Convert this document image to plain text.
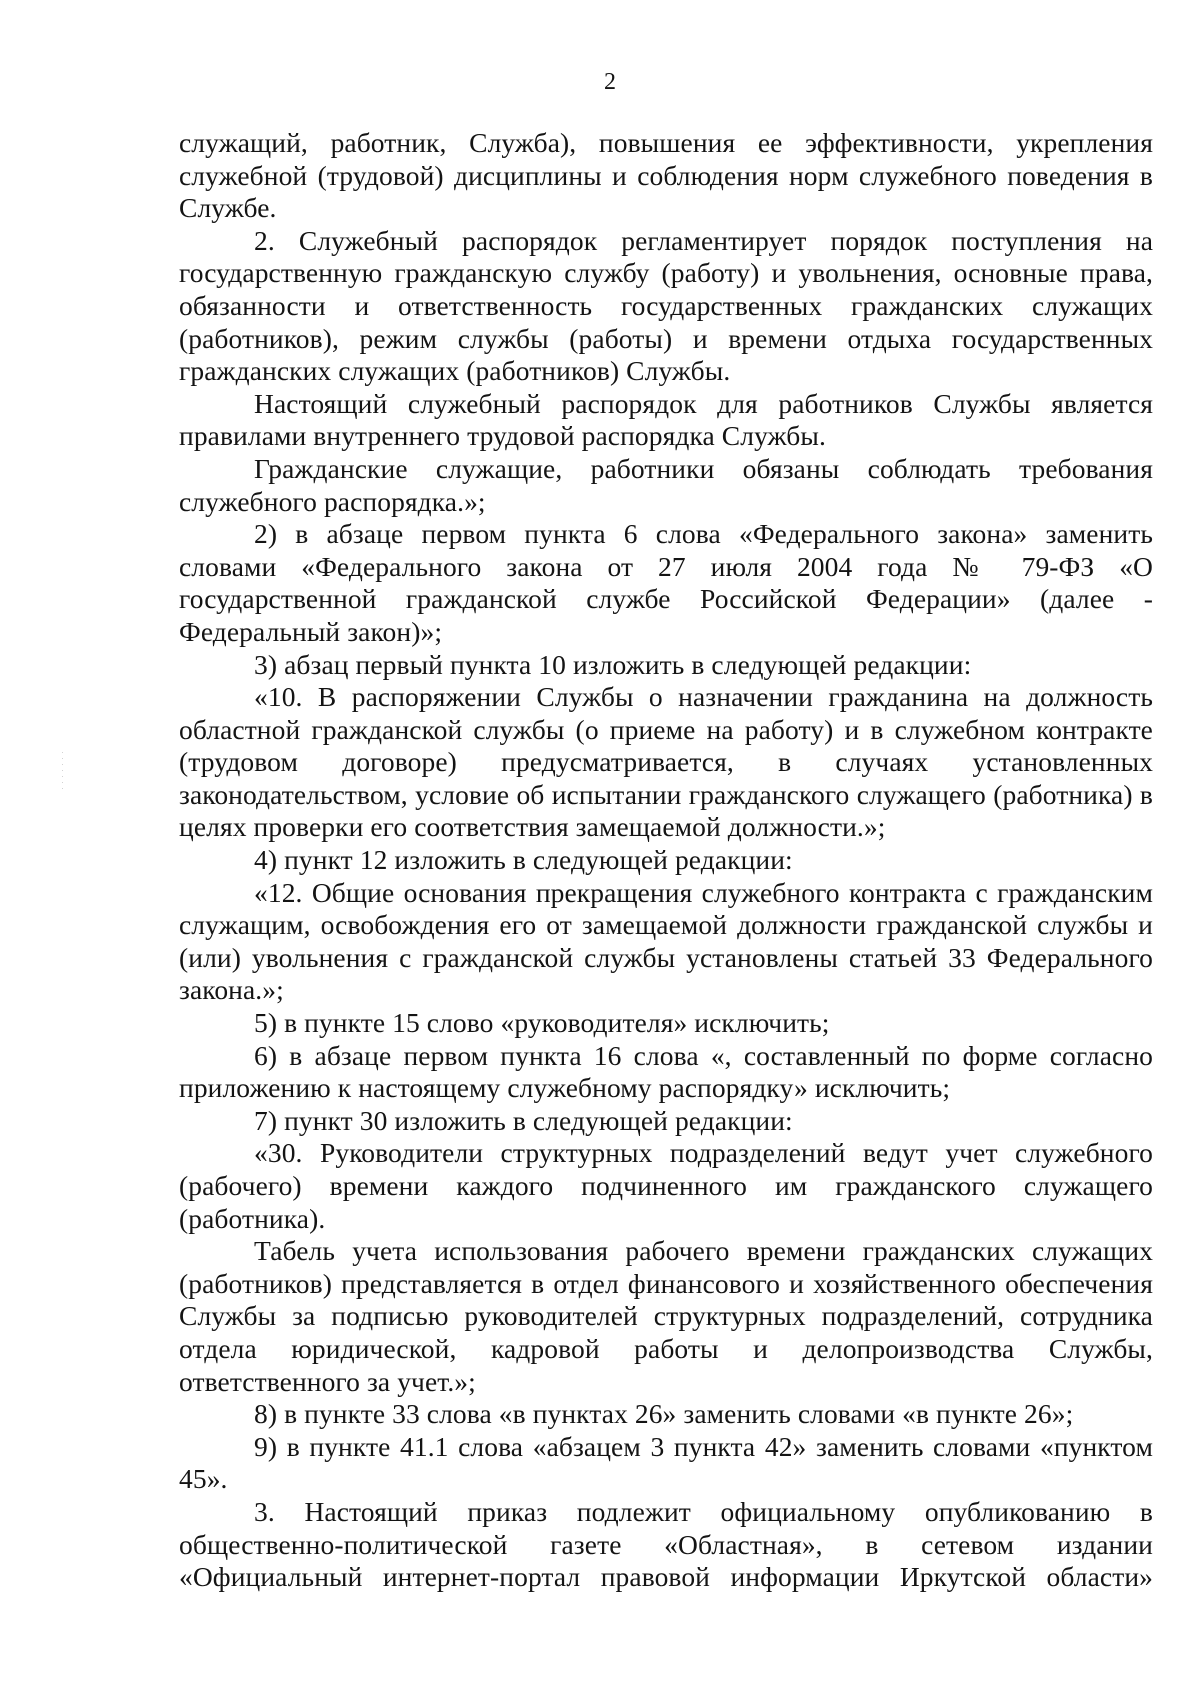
2

служащий, работник, Служба), повышения ее эффективности, укрепления служебной (трудовой) дисциплины и соблюдения норм служебного поведения в Службе.

2. Служебный распорядок регламентирует порядок поступления на государственную гражданскую службу (работу) и увольнения, основные права, обязанности и ответственность государственных гражданских служащих (работников), режим службы (работы) и времени отдыха государственных гражданских служащих (работников) Службы.

Настоящий служебный распорядок для работников Службы является правилами внутреннего трудовой распорядка Службы.

Гражданские служащие, работники обязаны соблюдать требования служебного распорядка.»;

2) в абзаце первом пункта 6 слова «Федерального закона» заменить словами «Федерального закона от 27 июля 2004 года № 79-ФЗ «О государственной гражданской службе Российской Федерации» (далее - Федеральный закон)»;

3) абзац первый пункта 10 изложить в следующей редакции:

«10. В распоряжении Службы о назначении гражданина на должность областной гражданской службы (о приеме на работу) и в служебном контракте (трудовом договоре) предусматривается, в случаях установленных законодательством, условие об испытании гражданского служащего (работника) в целях проверки его соответствия замещаемой должности.»;

4) пункт 12 изложить в следующей редакции:

«12. Общие основания прекращения служебного контракта с гражданским служащим, освобождения его от замещаемой должности гражданской службы и (или) увольнения с гражданской службы установлены статьей 33 Федерального закона.»;

5) в пункте 15 слово «руководителя» исключить;

6) в абзаце первом пункта 16 слова «, составленный по форме согласно приложению к настоящему служебному распорядку» исключить;

7) пункт 30 изложить в следующей редакции:

«30. Руководители структурных подразделений ведут учет служебного (рабочего) времени каждого подчиненного им гражданского служащего (работника).

Табель учета использования рабочего времени гражданских служащих (работников) представляется в отдел финансового и хозяйственного обеспечения Службы за подписью руководителей структурных подразделений, сотрудника отдела юридической, кадровой работы и делопроизводства Службы, ответственного за учет.»;

8) в пункте 33 слова «в пунктах 26» заменить словами «в пункте 26»;

9) в пункте 41.1 слова «абзацем 3 пункта 42» заменить словами «пунктом 45».

3. Настоящий приказ подлежит официальному опубликованию в общественно-политической газете «Областная», в сетевом издании «Официальный интернет-портал правовой информации Иркутской области»
